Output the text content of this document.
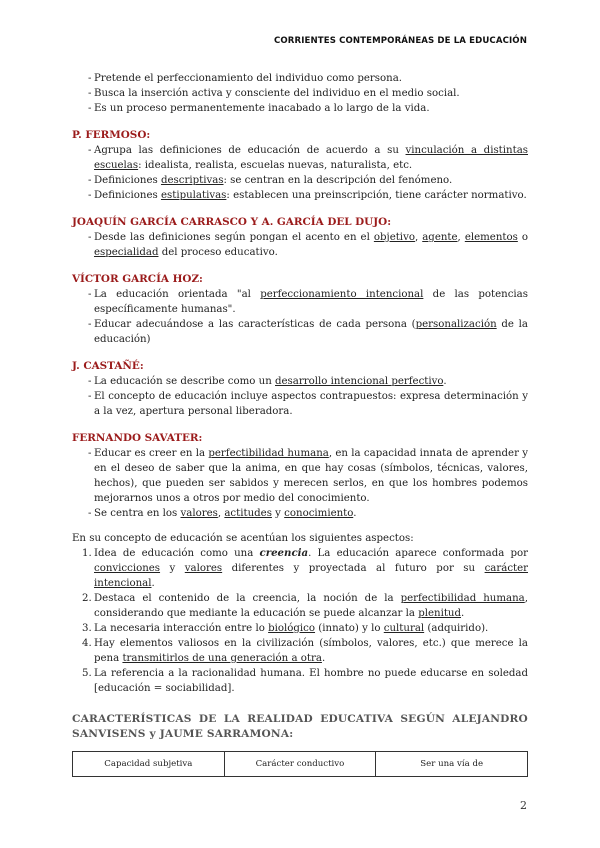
CORRIENTES CONTEMPORÁNEAS DE LA EDUCACIÓN
- Pretende el perfeccionamiento del individuo como persona.
- Busca la inserción activa y consciente del individuo en el medio social.
- Es un proceso permanentemente inacabado a lo largo de la vida.
P. FERMOSO:
- Agrupa las definiciones de educación de acuerdo a su vinculación a distintas escuelas: idealista, realista, escuelas nuevas, naturalista, etc.
- Definiciones descriptivas: se centran en la descripción del fenómeno.
- Definiciones estipulativas: establecen una preinscripción, tiene carácter normativo.
JOAQUÍN GARCÍA CARRASCO Y A. GARCÍA DEL DUJO:
- Desde las definiciones según pongan el acento en el objetivo, agente, elementos o especialidad del proceso educativo.
VÍCTOR GARCÍA HOZ:
- La educación orientada "al perfeccionamiento intencional de las potencias específicamente humanas".
- Educar adecuándose a las características de cada persona (personalización de la educación)
J. CASTAÑÉ:
- La educación se describe como un desarrollo intencional perfectivo.
- El concepto de educación incluye aspectos contrapuestos: expresa determinación y a la vez, apertura personal liberadora.
FERNANDO SAVATER:
- Educar es creer en la perfectibilidad humana, en la capacidad innata de aprender y en el deseo de saber que la anima, en que hay cosas (símbolos, técnicas, valores, hechos), que pueden ser sabidos y merecen serlos, en que los hombres podemos mejorarnos unos a otros por medio del conocimiento.
- Se centra en los valores, actitudes y conocimiento.

En su concepto de educación se acentúan los siguientes aspectos:

1. Idea de educación como una creencia. La educación aparece conformada por convicciones y valores diferentes y proyectada al futuro por su carácter intencional.
2. Destaca el contenido de la creencia, la noción de la perfectibilidad humana, considerando que mediante la educación se puede alcanzar la plenitud.
3. La necesaria interacción entre lo biológico (innato) y lo cultural (adquirido).
4. Hay elementos valiosos en la civilización (símbolos, valores, etc.) que merece la pena transmitirlos de una generación a otra.
5. La referencia a la racionalidad humana. El hombre no puede educarse en soledad [educación = sociabilidad].
CARACTERÍSTICAS DE LA REALIDAD EDUCATIVA SEGÚN ALEJANDRO SANVISENS y JAUME SARRAMONA:
Capacidad subjetiva	Carácter conductivo	Ser una vía de
2
